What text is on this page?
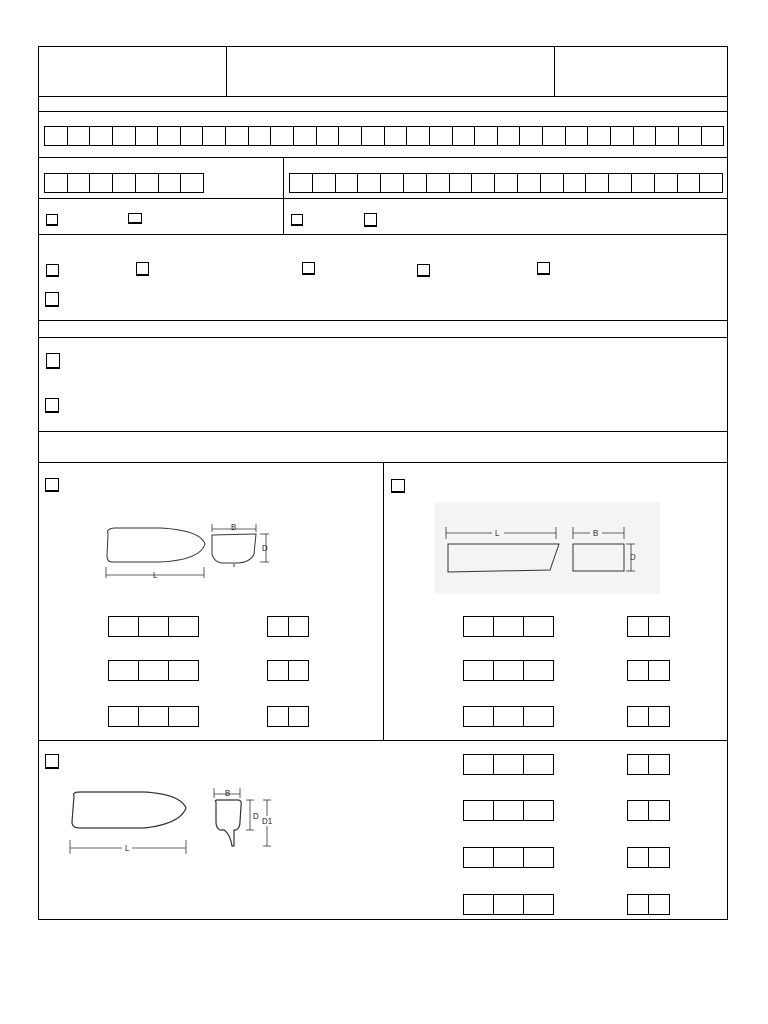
L
B
D
L	B
D
L
B
D
D1
